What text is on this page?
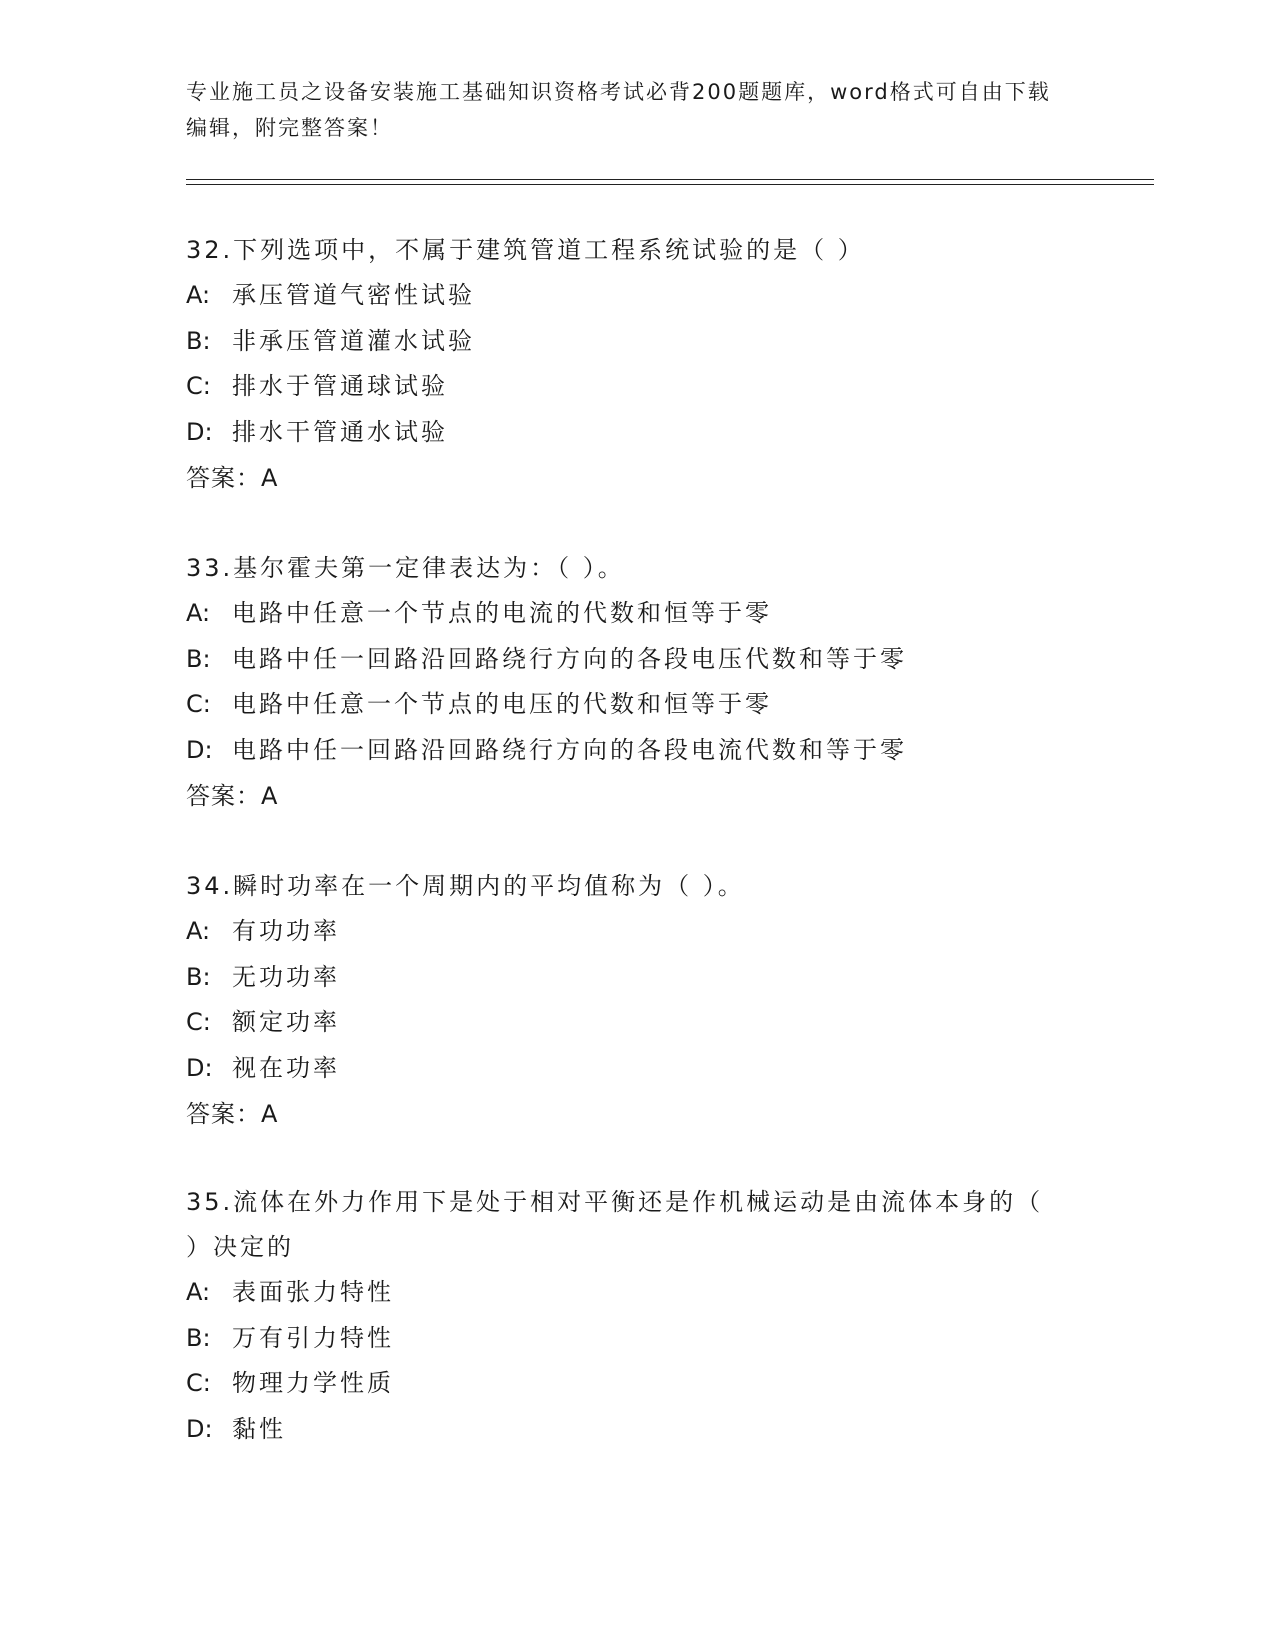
专业施工员之设备安装施工基础知识资格考试必背200题题库，word格式可自由下载编辑，附完整答案！
32.下列选项中，不属于建筑管道工程系统试验的是（ ）
A: 承压管道气密性试验
B: 非承压管道灌水试验
C: 排水于管通球试验
D: 排水干管通水试验
答案：A
33.基尔霍夫第一定律表达为：（ ）。
A: 电路中任意一个节点的电流的代数和恒等于零
B: 电路中任一回路沿回路绕行方向的各段电压代数和等于零
C: 电路中任意一个节点的电压的代数和恒等于零
D: 电路中任一回路沿回路绕行方向的各段电流代数和等于零
答案：A
34.瞬时功率在一个周期内的平均值称为（ ）。
A: 有功功率
B: 无功功率
C: 额定功率
D: 视在功率
答案：A
35.流体在外力作用下是处于相对平衡还是作机械运动是由流体本身的（ ）决定的
A: 表面张力特性
B: 万有引力特性
C: 物理力学性质
D: 黏性
